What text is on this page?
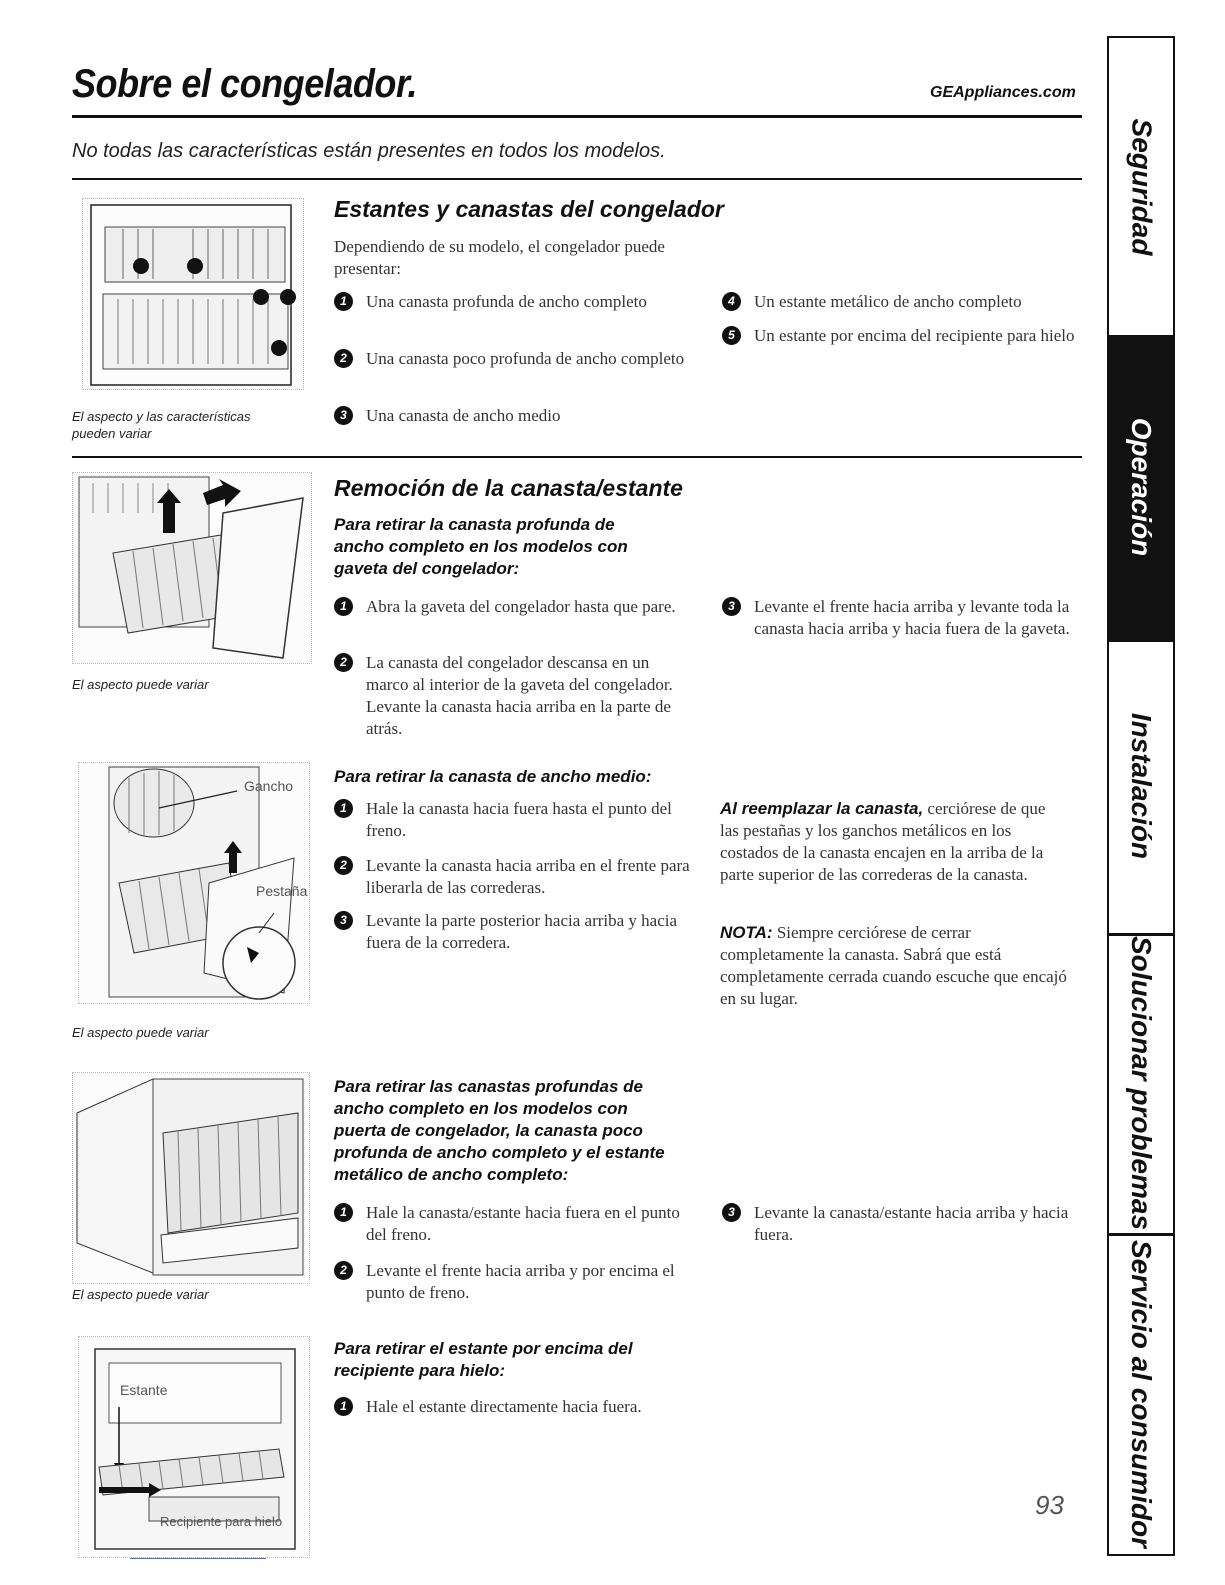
Sobre el congelador.	GEAppliances.com
No todas las características están presentes en todos los modelos.
El aspecto y las características pueden variar
Estantes y canastas del congelador
Dependiendo de su modelo, el congelador puede presentar:
1	Una canasta profunda de ancho completo
2	Una canasta poco profunda de ancho completo
3	Una canasta de ancho medio
4	Un estante metálico de ancho completo
5	Un estante por encima del recipiente para hielo
Remoción de la canasta/estante
El aspecto puede variar
Para retirar la canasta profunda de ancho completo en los modelos con gaveta del congelador:
1	Abra la gaveta del congelador hasta que pare.
2	La canasta del congelador descansa en un marco al interior de la gaveta del congelador. Levante la canasta hacia arriba en la parte de atrás.
3	Levante el frente hacia arriba y levante toda la canasta hacia arriba y hacia fuera de la gaveta.
Gancho
Pestaña
El aspecto puede variar
Para retirar la canasta de ancho medio:
1	Hale la canasta hacia fuera hasta el punto del freno.
2	Levante la canasta hacia arriba en el frente para liberarla de las correderas.
3	Levante la parte posterior hacia arriba y hacia fuera de la corredera.
Al reemplazar la canasta, cerciórese de que las pestañas y los ganchos metálicos en los costados de la canasta encajen en la arriba de la parte superior de las correderas de la canasta.
NOTA: Siempre cerciórese de cerrar completamente la canasta. Sabrá que está completamente cerrada cuando escuche que encajó en su lugar.
El aspecto puede variar
Para retirar las canastas profundas de ancho completo en los modelos con puerta de congelador, la canasta poco profunda de ancho completo y el estante metálico de ancho completo:
1	Hale la canasta/estante hacia fuera en el punto del freno.
2	Levante el frente hacia arriba y por encima el punto de freno.
3	Levante la canasta/estante hacia arriba y hacia fuera.
Estante
Recipiente para hielo
Para retirar el estante por encima del recipiente para hielo:
1	Hale el estante directamente hacia fuera.
93
Seguridad
Operación
Instalación
Solucionar problemas
Servicio al consumidor
